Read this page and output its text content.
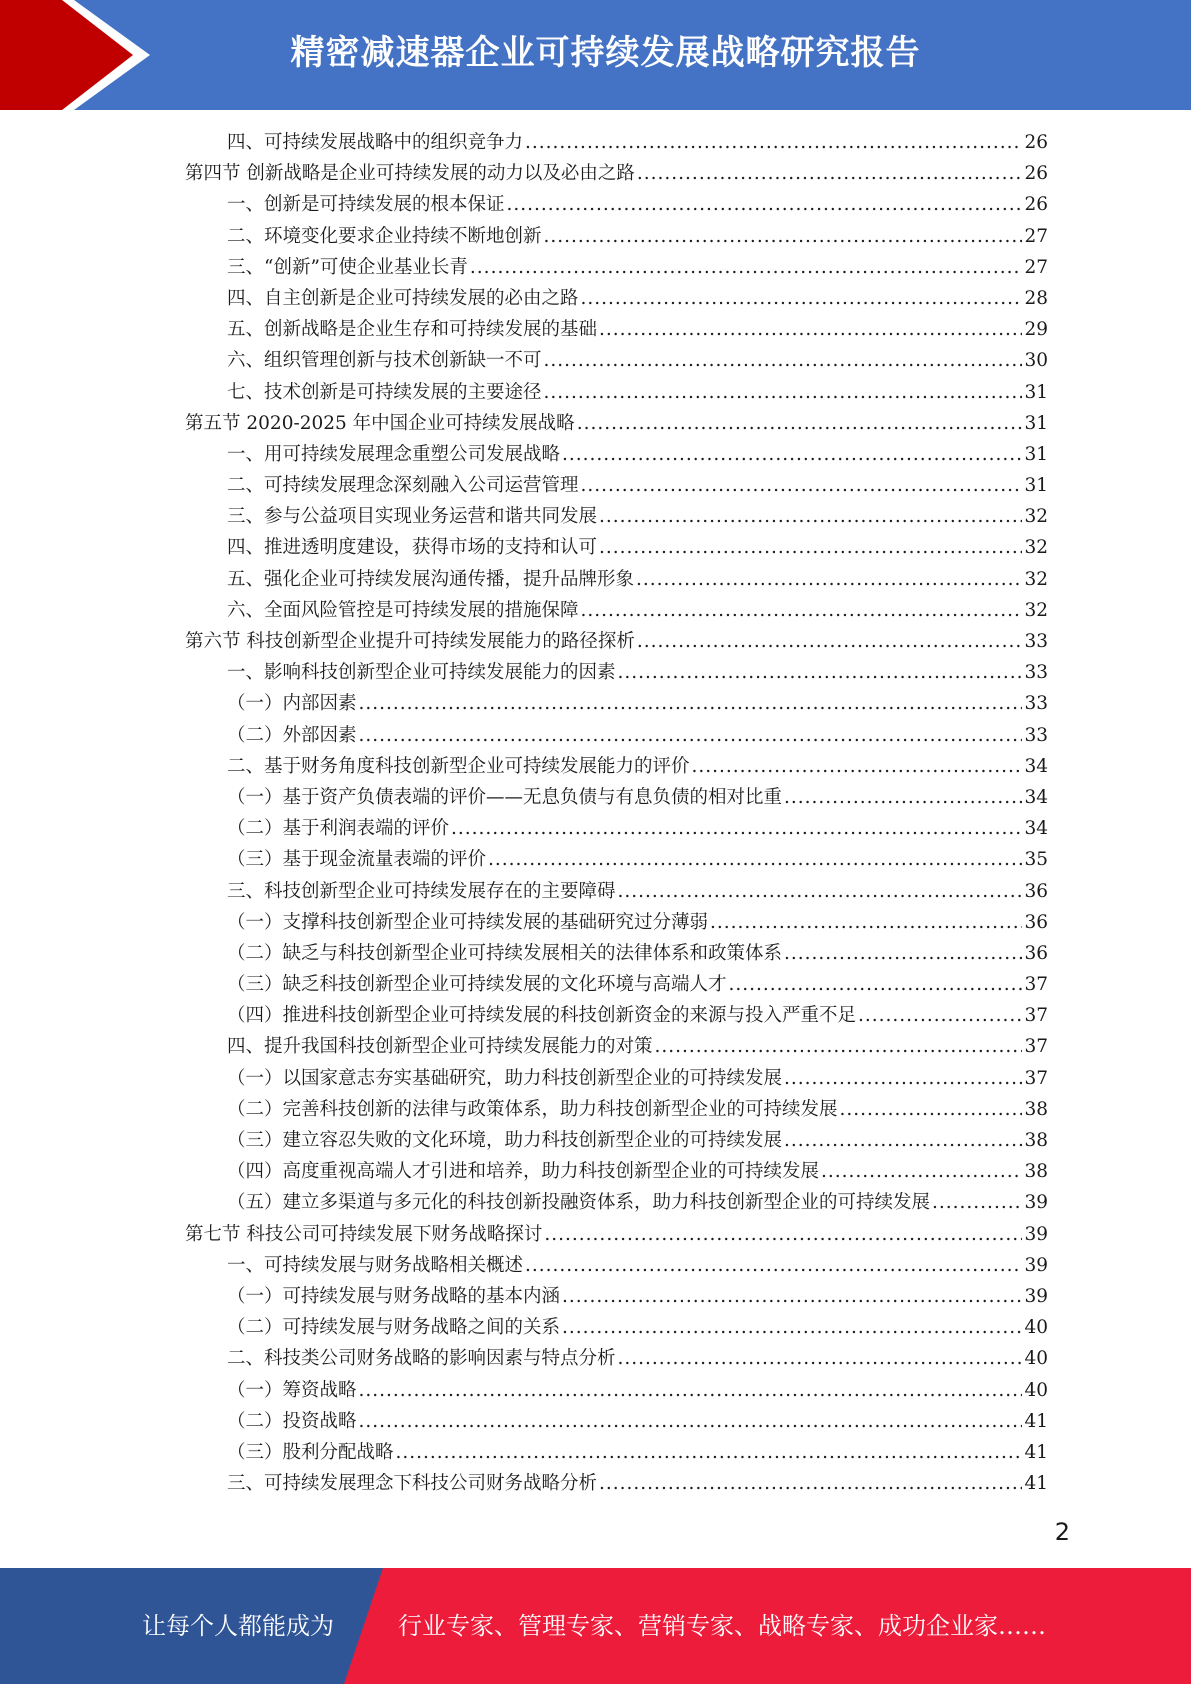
精密减速器企业可持续发展战略研究报告
四、可持续发展战略中的组织竞争力 .....	26
第四节 创新战略是企业可持续发展的动力以及必由之路 .....	26
一、创新是可持续发展的根本保证 .....	26
二、环境变化要求企业持续不断地创新 .....	27
三、“创新”可使企业基业长青 .....	27
四、自主创新是企业可持续发展的必由之路 .....	28
五、创新战略是企业生存和可持续发展的基础 .....	29
六、组织管理创新与技术创新缺一不可 .....	30
七、技术创新是可持续发展的主要途径 .....	31
第五节 2020-2025 年中国企业可持续发展战略 .....	31
一、用可持续发展理念重塑公司发展战略 .....	31
二、可持续发展理念深刻融入公司运营管理 .....	31
三、参与公益项目实现业务运营和谐共同发展 .....	32
四、推进透明度建设，获得市场的支持和认可 .....	32
五、强化企业可持续发展沟通传播，提升品牌形象 .....	32
六、全面风险管控是可持续发展的措施保障 .....	32
第六节 科技创新型企业提升可持续发展能力的路径探析 .....	33
一、影响科技创新型企业可持续发展能力的因素 .....	33
（一）内部因素 .....	33
（二）外部因素 .....	33
二、基于财务角度科技创新型企业可持续发展能力的评价 .....	34
（一）基于资产负债表端的评价——无息负债与有息负债的相对比重 .....	34
（二）基于利润表端的评价 .....	34
（三）基于现金流量表端的评价 .....	35
三、科技创新型企业可持续发展存在的主要障碍 .....	36
（一）支撑科技创新型企业可持续发展的基础研究过分薄弱 .....	36
（二）缺乏与科技创新型企业可持续发展相关的法律体系和政策体系 .....	36
（三）缺乏科技创新型企业可持续发展的文化环境与高端人才 .....	37
（四）推进科技创新型企业可持续发展的科技创新资金的来源与投入严重不足 .....	37
四、提升我国科技创新型企业可持续发展能力的对策 .....	37
（一）以国家意志夯实基础研究，助力科技创新型企业的可持续发展 .....	37
（二）完善科技创新的法律与政策体系，助力科技创新型企业的可持续发展 .....	38
（三）建立容忍失败的文化环境，助力科技创新型企业的可持续发展 .....	38
（四）高度重视高端人才引进和培养，助力科技创新型企业的可持续发展 .....	38
（五）建立多渠道与多元化的科技创新投融资体系，助力科技创新型企业的可持续发展 .....	39
第七节 科技公司可持续发展下财务战略探讨 .....	39
一、可持续发展与财务战略相关概述 .....	39
（一）可持续发展与财务战略的基本内涵 .....	39
（二）可持续发展与财务战略之间的关系 .....	40
二、科技类公司财务战略的影响因素与特点分析 .....	40
（一）筹资战略 .....	40
（二）投资战略 .....	41
（三）股利分配战略 .....	41
三、可持续发展理念下科技公司财务战略分析 .....	41
2
让每个人都能成为	行业专家、管理专家、营销专家、战略专家、成功企业家……
